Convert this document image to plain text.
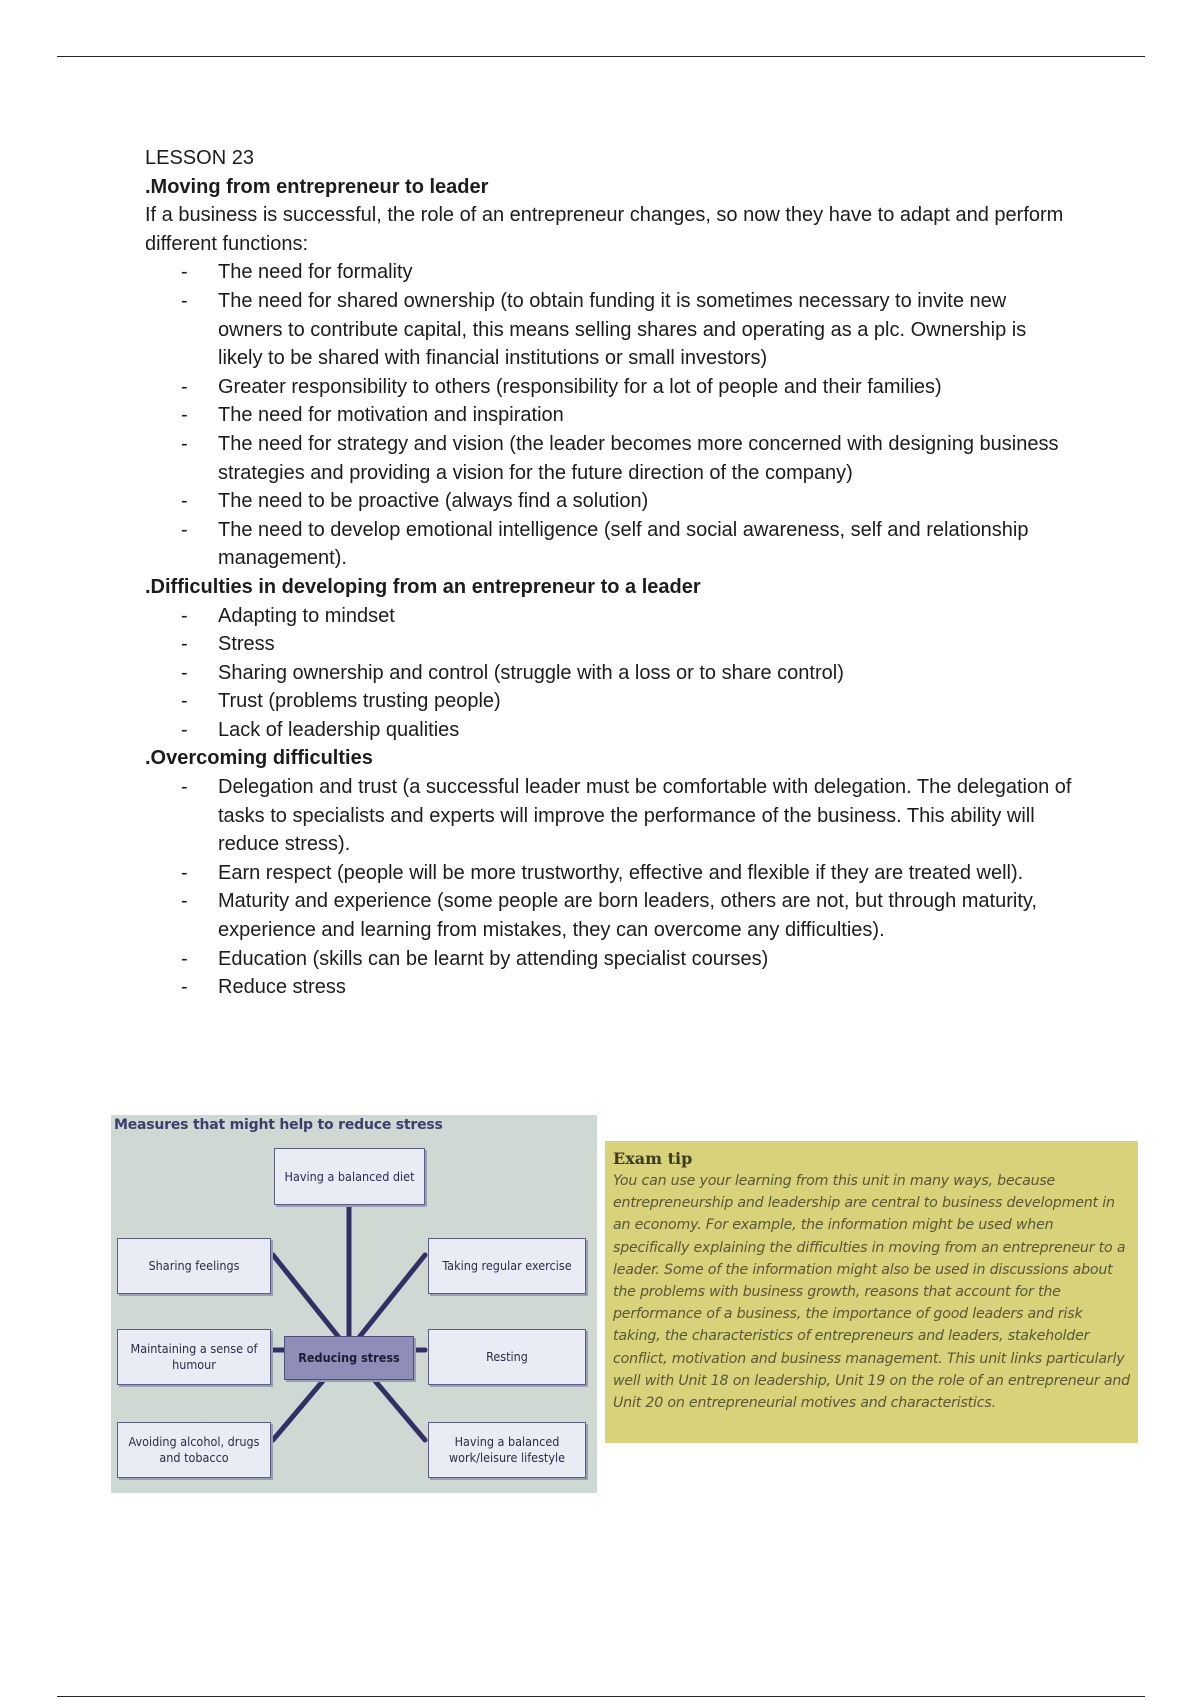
LESSON 23
.Moving from entrepreneur to leader
If a business is successful, the role of an entrepreneur changes, so now they have to adapt and perform different functions:
- The need for formality
- The need for shared ownership (to obtain funding it is sometimes necessary to invite new owners to contribute capital, this means selling shares and operating as a plc. Ownership is likely to be shared with financial institutions or small investors)
- Greater responsibility to others (responsibility for a lot of people and their families)
- The need for motivation and inspiration
- The need for strategy and vision (the leader becomes more concerned with designing business strategies and providing a vision for the future direction of the company)
- The need to be proactive (always find a solution)
- The need to develop emotional intelligence (self and social awareness, self and relationship management).
.Difficulties in developing from an entrepreneur to a leader
- Adapting to mindset
- Stress
- Sharing ownership and control (struggle with a loss or to share control)
- Trust (problems trusting people)
- Lack of leadership qualities
.Overcoming difficulties
- Delegation and trust (a successful leader must be comfortable with delegation. The delegation of tasks to specialists and experts will improve the performance of the business. This ability will reduce stress).
- Earn respect (people will be more trustworthy, effective and flexible if they are treated well).
- Maturity and experience (some people are born leaders, others are not, but through maturity, experience and learning from mistakes, they can overcome any difficulties).
- Education (skills can be learnt by attending specialist courses)
- Reduce stress
Measures that might help to reduce stress
Having a balanced diet
Sharing feelings	Taking regular exercise
Maintaining a sense of humour	Reducing stress	Resting
Avoiding alcohol, drugs and tobacco
Having a balanced work/leisure lifestyle
Exam tip
You can use your learning from this unit in many ways, because entrepreneurship and leadership are central to business development in an economy. For example, the information might be used when specifically explaining the difficulties in moving from an entrepreneur to a leader. Some of the information might also be used in discussions about the problems with business growth, reasons that account for the performance of a business, the importance of good leaders and risk taking, the characteristics of entrepreneurs and leaders, stakeholder conflict, motivation and business management. This unit links particularly well with Unit 18 on leadership, Unit 19 on the role of an entrepreneur and Unit 20 on entrepreneurial motives and characteristics.
